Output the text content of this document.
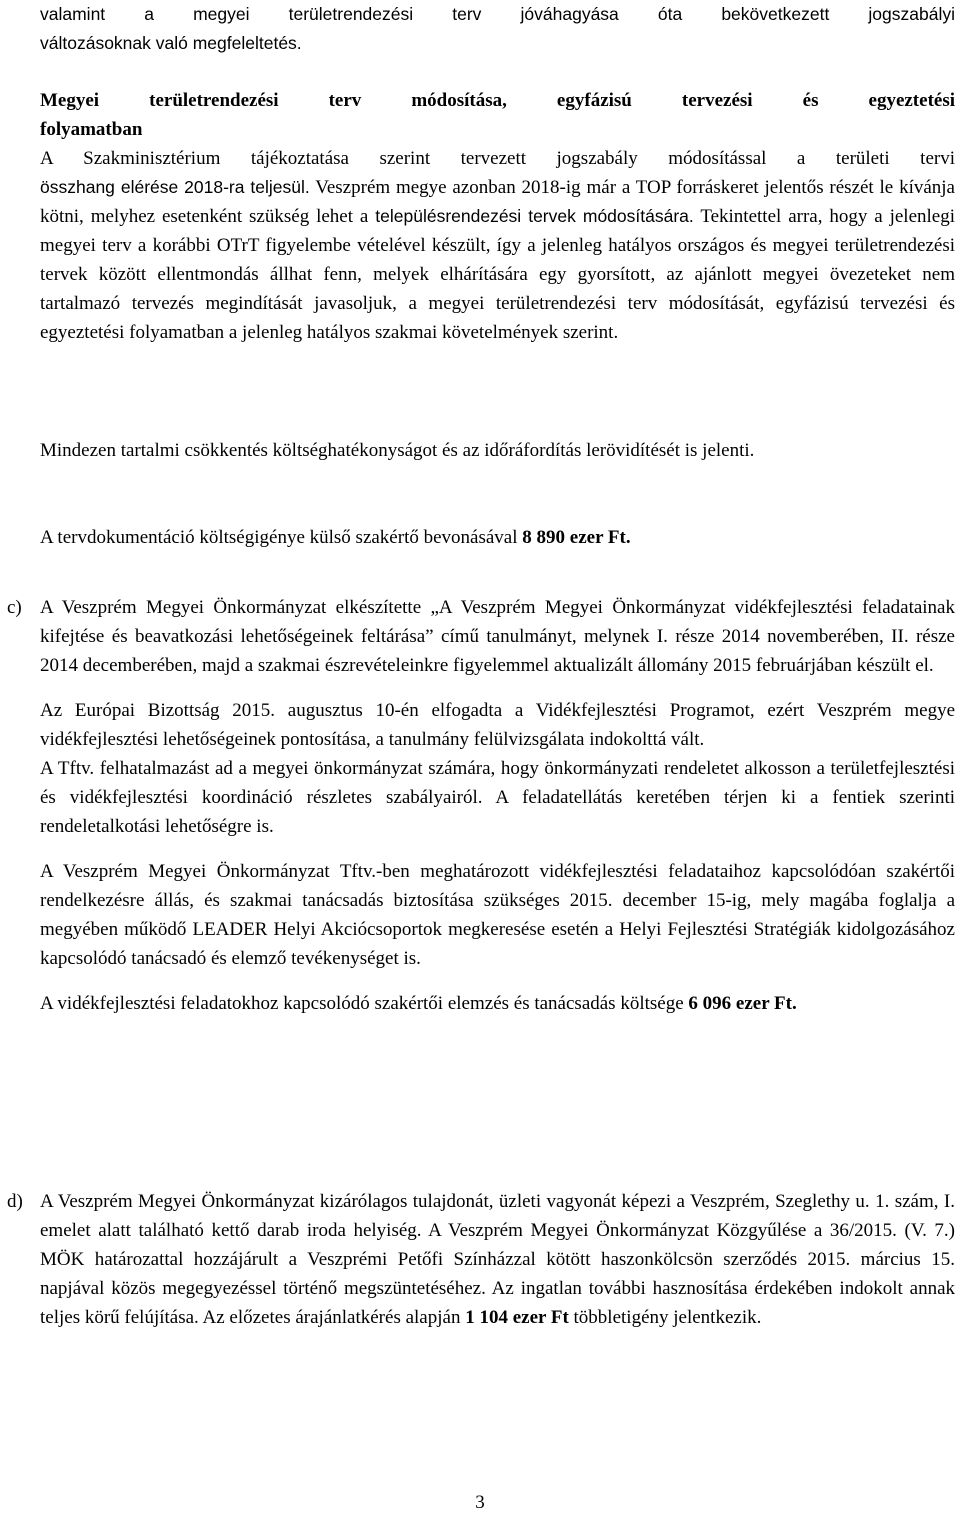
valamint a megyei területrendezési terv jóváhagyása óta bekövetkezett jogszabályi

változásoknak való megfeleltetés.

Megyei területrendezési terv módosítása, egyfázisú tervezési és egyeztetési

folyamatban

A Szakminisztérium tájékoztatása szerint tervezett jogszabály módosítással a területi tervi

összhang elérése 2018-ra teljesül. Veszprém megye azonban 2018-ig már a TOP forráskeret jelentős részét le kívánja kötni, melyhez esetenként szükség lehet a településrendezési tervek módosítására. Tekintettel arra, hogy a jelenlegi megyei terv a korábbi OTrT figyelembe vételével készült, így a jelenleg hatályos országos és megyei területrendezési tervek között ellentmondás állhat fenn, melyek elhárítására egy gyorsított, az ajánlott megyei övezeteket nem tartalmazó tervezés megindítását javasoljuk, a megyei területrendezési terv módosítását, egyfázisú tervezési és egyeztetési folyamatban a jelenleg hatályos szakmai követelmények szerint.

Mindezen tartalmi csökkentés költséghatékonyságot és az időráfordítás lerövidítését is jelenti.

A tervdokumentáció költségigénye külső szakértő bevonásával 8 890 ezer Ft.

c) A Veszprém Megyei Önkormányzat elkészítette „A Veszprém Megyei Önkormányzat vidékfejlesztési feladatainak kifejtése és beavatkozási lehetőségeinek feltárása” című tanulmányt, melynek I. része 2014 novemberében, II. része 2014 decemberében, majd a szakmai észrevételeinkre figyelemmel aktualizált állomány 2015 februárjában készült el.

Az Európai Bizottság 2015. augusztus 10-én elfogadta a Vidékfejlesztési Programot, ezért Veszprém megye vidékfejlesztési lehetőségeinek pontosítása, a tanulmány felülvizsgálata indokolttá vált.

A Tftv. felhatalmazást ad a megyei önkormányzat számára, hogy önkormányzati rendeletet alkosson a területfejlesztési és vidékfejlesztési koordináció részletes szabályairól. A feladatellátás keretében térjen ki a fentiek szerinti rendeletalkotási lehetőségre is.

A Veszprém Megyei Önkormányzat Tftv.-ben meghatározott vidékfejlesztési feladataihoz kapcsolódóan szakértői rendelkezésre állás, és szakmai tanácsadás biztosítása szükséges 2015. december 15-ig, mely magába foglalja a megyében működő LEADER Helyi Akciócsoportok megkeresése esetén a Helyi Fejlesztési Stratégiák kidolgozásához kapcsolódó tanácsadó és elemző tevékenységet is.

A vidékfejlesztési feladatokhoz kapcsolódó szakértői elemzés és tanácsadás költsége 6 096 ezer Ft.

d) A Veszprém Megyei Önkormányzat kizárólagos tulajdonát, üzleti vagyonát képezi a Veszprém, Szeglethy u. 1. szám, I. emelet alatt található kettő darab iroda helyiség. A Veszprém Megyei Önkormányzat Közgyűlése a 36/2015. (V. 7.) MÖK határozattal hozzájárult a Veszprémi Petőfi Színházzal kötött haszonkölcsön szerződés 2015. március 15. napjával közös megegyezéssel történő megszüntetéséhez. Az ingatlan további hasznosítása érdekében indokolt annak teljes körű felújítása. Az előzetes árajánlatkérés alapján 1 104 ezer Ft többletigény jelentkezik.

3
